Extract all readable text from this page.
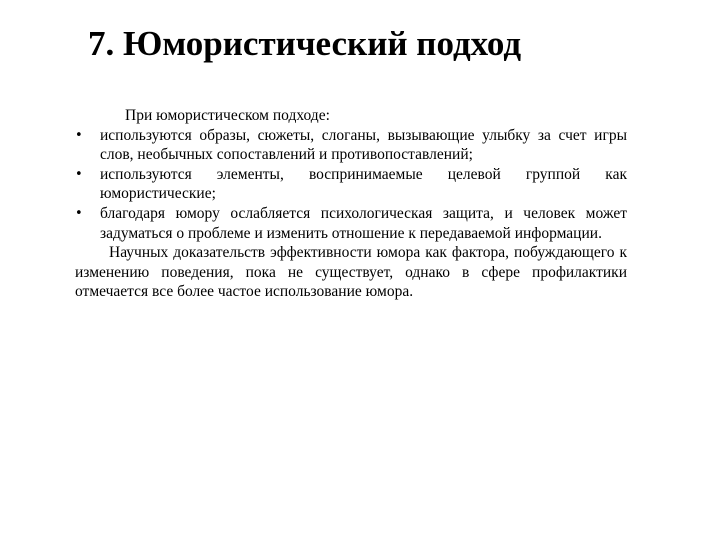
7. Юмористический подход

При юмористическом подходе:

•	используются образы, сюжеты, слоганы, вызывающие улыбку за счет игры слов, необычных сопоставлений и противопоставлений;
•	используются элементы, воспринимаемые целевой группой как юмористические;
•	благодаря юмору ослабляется психологическая защита, и человек может задуматься о проблеме и изменить отношение к передаваемой информации.

Научных доказательств эффективности юмора как фактора, побуждающего к изменению поведения, пока не существует, однако в сфере профилактики отмечается все более частое использование юмора.
